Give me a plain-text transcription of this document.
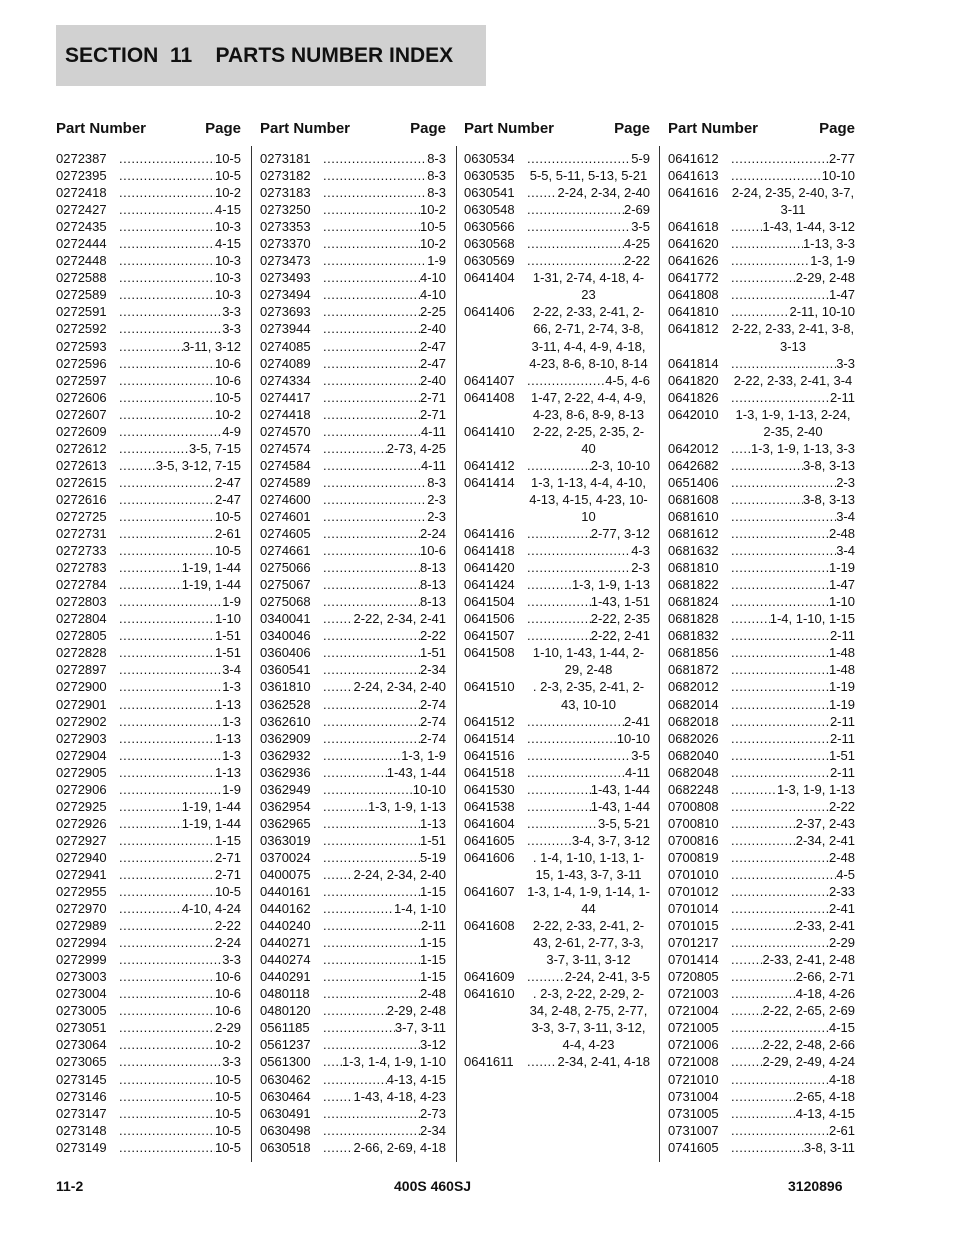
SECTION  11    PARTS NUMBER INDEX
Part Number	Page
0272387 .....	10-5
0272395 .....	10-5
0272418 .....	10-2
0272427 .....	4-15
0272435 .....	10-3
0272444 .....	4-15
0272448 .....	10-3
0272588 .....	10-3
0272589 .....	10-3
0272591 .....	3-3
0272592 .....	3-3
0272593 .....	3-11, 3-12
0272596 .....	10-6
0272597 .....	10-6
0272606 .....	10-5
0272607 .....	10-2
0272609 .....	4-9
0272612 .....	3-5, 7-15
0272613 .....	3-5, 3-12, 7-15
0272615 .....	2-47
0272616 .....	2-47
0272725 .....	10-5
0272731 .....	2-61
0272733 .....	10-5
0272783 .....	1-19, 1-44
0272784 .....	1-19, 1-44
0272803 .....	1-9
0272804 .....	1-10
0272805 .....	1-51
0272828 .....	1-51
0272897 .....	3-4
0272900 .....	1-3
0272901 .....	1-13
0272902 .....	1-3
0272903 .....	1-13
0272904 .....	1-3
0272905 .....	1-13
0272906 .....	1-9
0272925 .....	1-19, 1-44
0272926 .....	1-19, 1-44
0272927 .....	1-15
0272940 .....	2-71
0272941 .....	2-71
0272955 .....	10-5
0272970 .....	4-10, 4-24
0272989 .....	2-22
0272994 .....	2-24
0272999 .....	3-3
0273003 .....	10-6
0273004 .....	10-6
0273005 .....	10-6
0273051 .....	2-29
0273064 .....	10-2
0273065 .....	3-3
0273145 .....	10-5
0273146 .....	10-5
0273147 .....	10-5
0273148 .....	10-5
0273149 .....	10-5
Part Number	Page
0273181 .....	8-3
0273182 .....	8-3
0273183 .....	8-3
0273250 .....	10-2
0273353 .....	10-5
0273370 .....	10-2
0273473 .....	1-9
0273493 .....	4-10
0273494 .....	4-10
0273693 .....	2-25
0273944 .....	2-40
0274085 .....	2-47
0274089 .....	2-47
0274334 .....	2-40
0274417 .....	2-71
0274418 .....	2-71
0274570 .....	4-11
0274574 .....	2-73, 4-25
0274584 .....	4-11
0274589 .....	8-3
0274600 .....	2-3
0274601 .....	2-3
0274605 .....	2-24
0274661 .....	10-6
0275066 .....	8-13
0275067 .....	8-13
0275068 .....	8-13
0340041 .....	2-22, 2-34, 2-41
0340046 .....	2-22
0360406 .....	1-51
0360541 .....	2-34
0361810 .....	2-24, 2-34, 2-40
0362528 .....	2-74
0362610 .....	2-74
0362909 .....	2-74
0362932 .....	1-3, 1-9
0362936 .....	1-43, 1-44
0362949 .....	10-10
0362954 .....	1-3, 1-9, 1-13
0362965 .....	1-13
0363019 .....	1-51
0370024 .....	5-19
0400075 .....	2-24, 2-34, 2-40
0440161 .....	1-15
0440162 .....	1-4, 1-10
0440240 .....	2-11
0440271 .....	1-15
0440274 .....	1-15
0440291 .....	1-15
0480118 .....	2-48
0480120 .....	2-29, 2-48
0561185 .....	3-7, 3-11
0561237 .....	3-12
0561300 .....	1-3, 1-4, 1-9, 1-10
0630462 .....	4-13, 4-15
0630464 .....	1-43, 4-18, 4-23
0630491 .....	2-73
0630498 .....	2-34
0630518 .....	2-66, 2-69, 4-18
Part Number	Page
0630534 .....	5-9
0630535	5-5, 5-11, 5-13, 5-21
0630541 .....	2-24, 2-34, 2-40
0630548 .....	2-69
0630566 .....	3-5
0630568 .....	4-25
0630569 .....	2-22
0641404	1-31, 2-74, 4-18, 4-23
0641406	2-22, 2-33, 2-41, 2-66, 2-71, 2-74, 3-8, 3-11, 4-4, 4-9, 4-18, 4-23, 8-6, 8-10, 8-14
0641407 .....	4-5, 4-6
0641408	1-47, 2-22, 4-4, 4-9, 4-23, 8-6, 8-9, 8-13
0641410	2-22, 2-25, 2-35, 2-40
0641412 .....	2-3, 10-10
0641414	1-3, 1-13, 4-4, 4-10, 4-13, 4-15, 4-23, 10-10
0641416 .....	2-77, 3-12
0641418 .....	4-3
0641420 .....	2-3
0641424 .....	1-3, 1-9, 1-13
0641504 .....	1-43, 1-51
0641506 .....	2-22, 2-35
0641507 .....	2-22, 2-41
0641508	1-10, 1-43, 1-44, 2-29, 2-48
0641510	. 2-3, 2-35, 2-41, 2-43, 10-10
0641512 .....	2-41
0641514 .....	10-10
0641516 .....	3-5
0641518 .....	4-11
0641530 .....	1-43, 1-44
0641538 .....	1-43, 1-44
0641604 .....	3-5, 5-21
0641605 .....	3-4, 3-7, 3-12
0641606	. 1-4, 1-10, 1-13, 1-15, 1-43, 3-7, 3-11
0641607 1-3, 1-4, 1-9, 1-14, 1-44
0641608	2-22, 2-33, 2-41, 2-43, 2-61, 2-77, 3-3, 3-7, 3-11, 3-12
0641609 .....	2-24, 2-41, 3-5
0641610	. 2-3, 2-22, 2-29, 2-34, 2-48, 2-75, 2-77, 3-3, 3-7, 3-11, 3-12, 4-4, 4-23
0641611 .....	2-34, 2-41, 4-18
Part Number	Page
0641612 .....	2-77
0641613 .....	10-10
0641616	2-24, 2-35, 2-40, 3-7, 3-11
0641618 .....	1-43, 1-44, 3-12
0641620 .....	1-13, 3-3
0641626 .....	1-3, 1-9
0641772 .....	2-29, 2-48
0641808 .....	1-47
0641810 .....	2-11, 10-10
0641812	2-22, 2-33, 2-41, 3-8, 3-13
0641814 .....	3-3
0641820	2-22, 2-33, 2-41, 3-4
0641826 .....	2-11
0642010	1-3, 1-9, 1-13, 2-24, 2-35, 2-40
0642012 .....	1-3, 1-9, 1-13, 3-3
0642682 .....	3-8, 3-13
0651406 .....	2-3
0681608 .....	3-8, 3-13
0681610 .....	3-4
0681612 .....	2-48
0681632 .....	3-4
0681810 .....	1-19
0681822 .....	1-47
0681824 .....	1-10
0681828 .....	1-4, 1-10, 1-15
0681832 .....	2-11
0681856 .....	1-48
0681872 .....	1-48
0682012 .....	1-19
0682014 .....	1-19
0682018 .....	2-11
0682026 .....	2-11
0682040 .....	1-51
0682048 .....	2-11
0682248 .....	1-3, 1-9, 1-13
0700808 .....	2-22
0700810 .....	2-37, 2-43
0700816 .....	2-34, 2-41
0700819 .....	2-48
0701010 .....	4-5
0701012 .....	2-33
0701014 .....	2-41
0701015 .....	2-33, 2-41
0701217 .....	2-29
0701414 .....	2-33, 2-41, 2-48
0720805 .....	2-66, 2-71
0721003 .....	4-18, 4-26
0721004 .....	2-22, 2-65, 2-69
0721005 .....	4-15
0721006 .....	2-22, 2-48, 2-66
0721008 .....	2-29, 2-49, 4-24
0721010 .....	4-18
0731004 .....	2-65, 4-18
0731005 .....	4-13, 4-15
0731007 .....	2-61
0741605 .....	3-8, 3-11
11-2	400S 460SJ	3120896
